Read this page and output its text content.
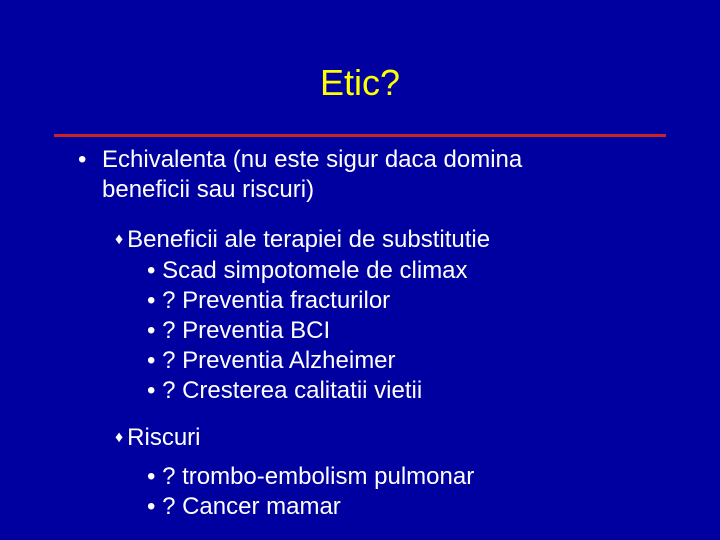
Etic?
• Echivalenta (nu este sigur daca domina
beneficii sau riscuri)
♦ Beneficii ale terapiei de substitutie
• Scad simpotomele de climax
• ? Preventia fracturilor
• ? Preventia BCI
• ? Preventia Alzheimer
• ? Cresterea calitatii vietii
♦ Riscuri
• ? trombo-embolism pulmonar
• ? Cancer mamar
